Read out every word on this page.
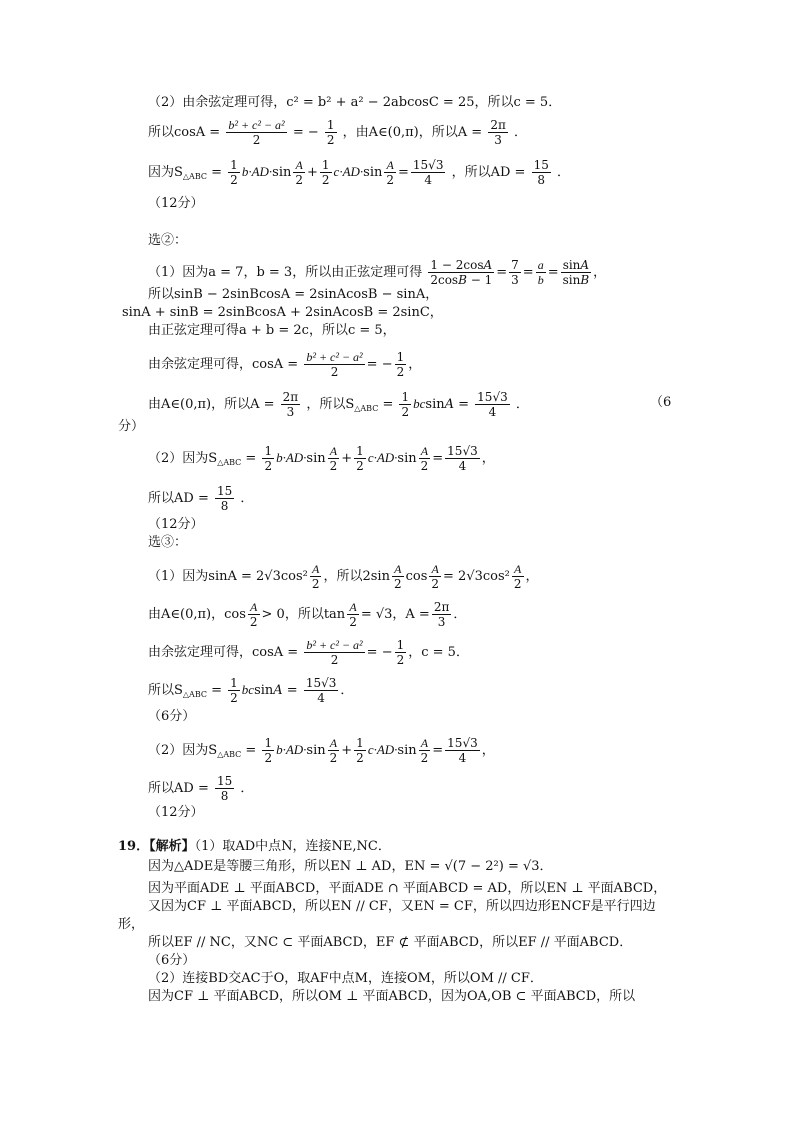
（2）由余弦定理可得，c² = b² + a² − 2abcosC = 25，所以c = 5．
所以$\cos A = \frac{\text{b² + c² − a²}}{2}$ = − $\frac{1}{2}$ ，由A∈(0,π)，所以$A = \frac{2\pi}{3}$ ．
因为$S_{\triangle ABC} = \frac{1}{2} b\cdot AD\cdot\sin \frac{A}{2} + \frac{1}{2} c\cdot AD\cdot\sin \frac{A}{2} = \frac{15√3}{4}$ ，所以AD = $\frac{15}{8}$ ．
（12分）
选②：
（1）因为a = 7，b = 3，所以由正弦定理可得 $\frac{1 - 2\cos A}{2\cos B - 1} = \frac{7}{3} = \frac{a}{b} = \frac{\sin A}{\sin B}$ ，
所以sinB − 2sinBcosA = 2sinAcosB − sinA，
sinA + sinB = 2sinBcosA + 2sinAcosB = 2sinC，
由正弦定理可得a + b = 2c，所以c = 5，
由余弦定理可得，$\cos A = \frac{\text{b² + c² − a²}}{2}$ = − $\frac{1}{2}$ ，
由A∈(0,π)，所以$A = \frac{2\pi}{3}$ ，所以$S_{\triangle ABC} = \frac{1}{2}$ $bcsinA = \frac{15√3}{4}$ ．	（6
分）
（2）因为$S_{\triangle ABC} = \frac{1}{2} b\cdot AD\cdot\sin \frac{A}{2} + \frac{1}{2} c\cdot AD\cdot\sin \frac{A}{2} = \frac{15√3}{4}$ ，
所以AD = $\frac{15}{8}$ ．
（12分）
选③：
（1）因为$\sin A = 2√3\cos^2 \frac{A}{2}$ ，所以$2\sin \frac{A}{2}$ $\cos \frac{A}{2} = 2√3\cos^2 \frac{A}{2}$ ，
由A∈(0,π)，$\cos \frac{A}{2} > 0$，所以$\tan \frac{A}{2} = √3$，$A = \frac{2\pi}{3}$ ．
由余弦定理可得，$\cos A = \frac{\text{b² + c² − a²}}{2}$ = − $\frac{1}{2}$ ，c = 5．
所以$S_{\triangle ABC} = \frac{1}{2}$ $bcsinA = \frac{15√3}{4}$ ．
（6分）
（2）因为$S_{\triangle ABC} = \frac{1}{2} b\cdot AD\cdot\sin \frac{A}{2} + \frac{1}{2} c\cdot AD\cdot\sin \frac{A}{2} = \frac{15√3}{4}$ ，
所以AD = $\frac{15}{8}$ ．
（12分）
19．【解析】（1）取AD中点N，连接NE,NC．
因为△ADE是等腰三角形，所以EN ⊥ AD，EN = √(7 − 2²) = √3．
因为平面ADE ⊥ 平面ABCD，平面ADE ∩ 平面ABCD = AD，所以EN ⊥ 平面ABCD，
又因为CF ⊥ 平面ABCD，所以EN // CF，又EN = CF，所以四边形ENCF是平行四边
形，
所以EF // NC，又NC ⊂ 平面ABCD，EF ⊄ 平面ABCD，所以EF // 平面ABCD．
（6分）
（2）连接BD交AC于O，取AF中点M，连接OM，所以OM // CF．
因为CF ⊥ 平面ABCD，所以OM ⊥ 平面ABCD，因为OA,OB ⊂ 平面ABCD，所以
